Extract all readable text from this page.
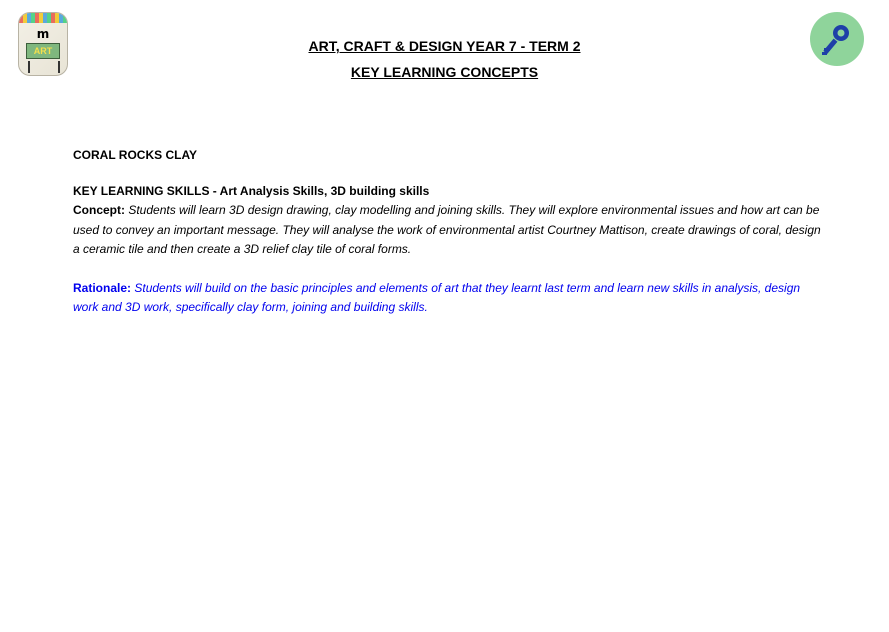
m
ART	ART, CRAFT & DESIGN YEAR 7 - TERM 2
KEY LEARNING CONCEPTS

CORAL ROCKS CLAY

KEY LEARNING SKILLS - Art Analysis Skills, 3D building skills

Concept: Students will learn 3D design drawing, clay modelling and joining skills. They will explore environmental issues and how art can be used to convey an important message. They will analyse the work of environmental artist Courtney Mattison, create drawings of coral, design a ceramic tile and then create a 3D relief clay tile of coral forms.

Rationale: Students will build on the basic principles and elements of art that they learnt last term and learn new skills in analysis, design work and 3D work, specifically clay form, joining and building skills.
